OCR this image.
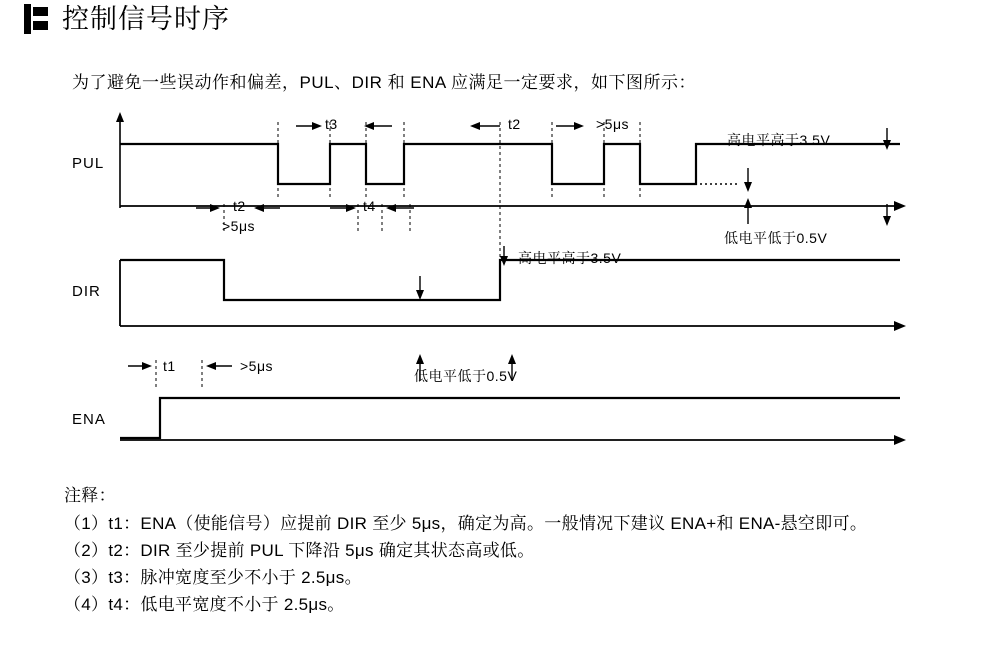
控制信号时序
为了避免一些误动作和偏差，PUL、DIR 和 ENA 应满足一定要求，如下图所示：
PUL
DIR
ENA
t3	t2	>5μs
高电平高于3.5V
t2	t4
>5μs
低电平低于0.5V
高电平高于3.5V
t1	>5μs
低电平低于0.5V
注释：
（1）t1：ENA（使能信号）应提前 DIR 至少 5μs，确定为高。一般情况下建议 ENA+和 ENA-悬空即可。
（2）t2：DIR 至少提前 PUL 下降沿 5μs 确定其状态高或低。
（3）t3：脉冲宽度至少不小于 2.5μs。
（4）t4：低电平宽度不小于 2.5μs。
